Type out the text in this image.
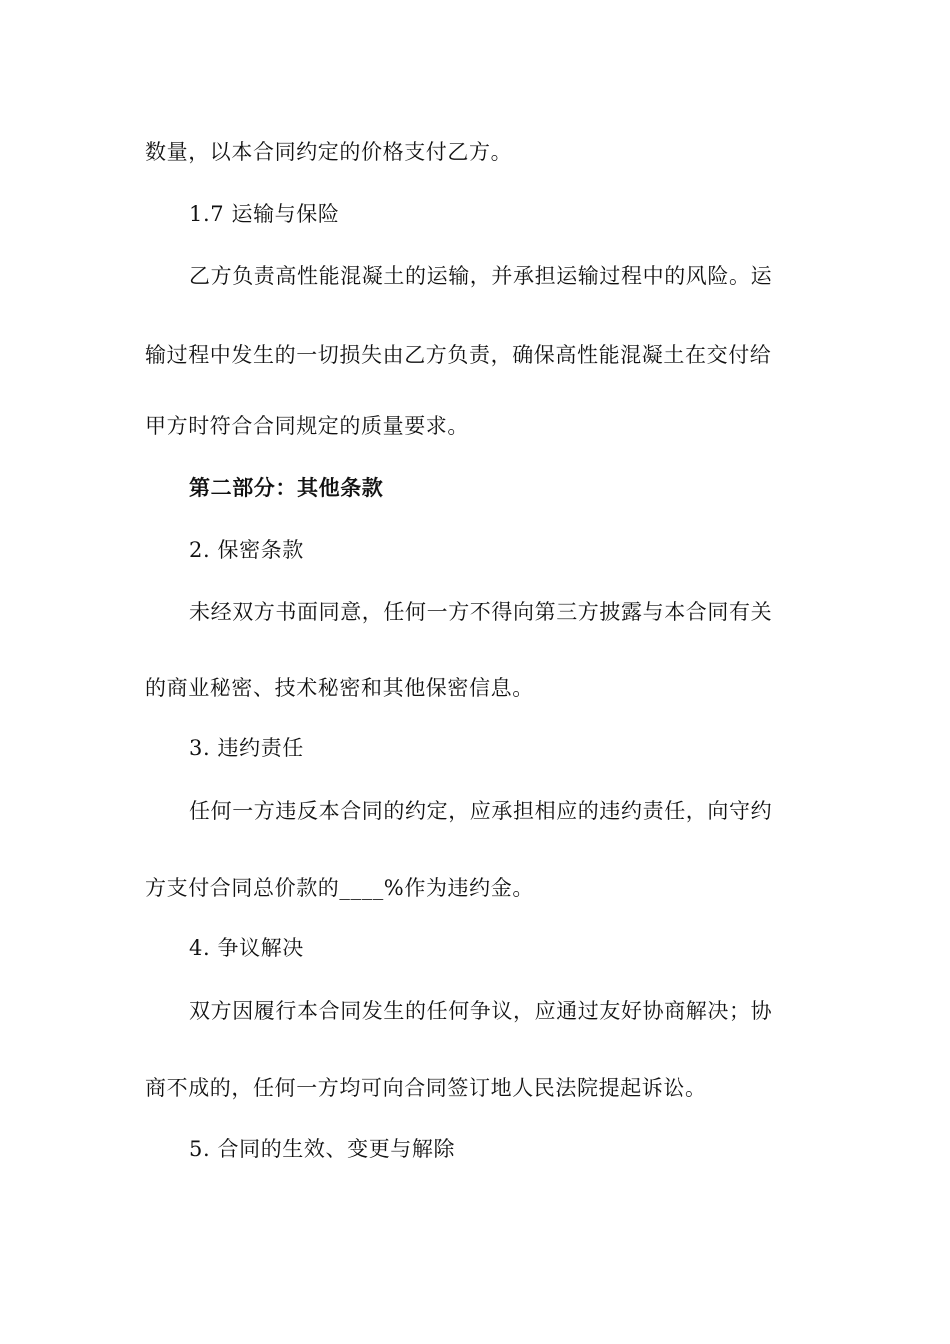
数量，以本合同约定的价格支付乙方。
1.7 运输与保险
乙方负责高性能混凝土的运输，并承担运输过程中的风险。运
输过程中发生的一切损失由乙方负责，确保高性能混凝土在交付给
甲方时符合合同规定的质量要求。
第二部分：其他条款
2. 保密条款
未经双方书面同意，任何一方不得向第三方披露与本合同有关
的商业秘密、技术秘密和其他保密信息。
3. 违约责任
任何一方违反本合同的约定，应承担相应的违约责任，向守约
方支付合同总价款的____%作为违约金。
4. 争议解决
双方因履行本合同发生的任何争议，应通过友好协商解决；协
商不成的，任何一方均可向合同签订地人民法院提起诉讼。
5. 合同的生效、变更与解除
